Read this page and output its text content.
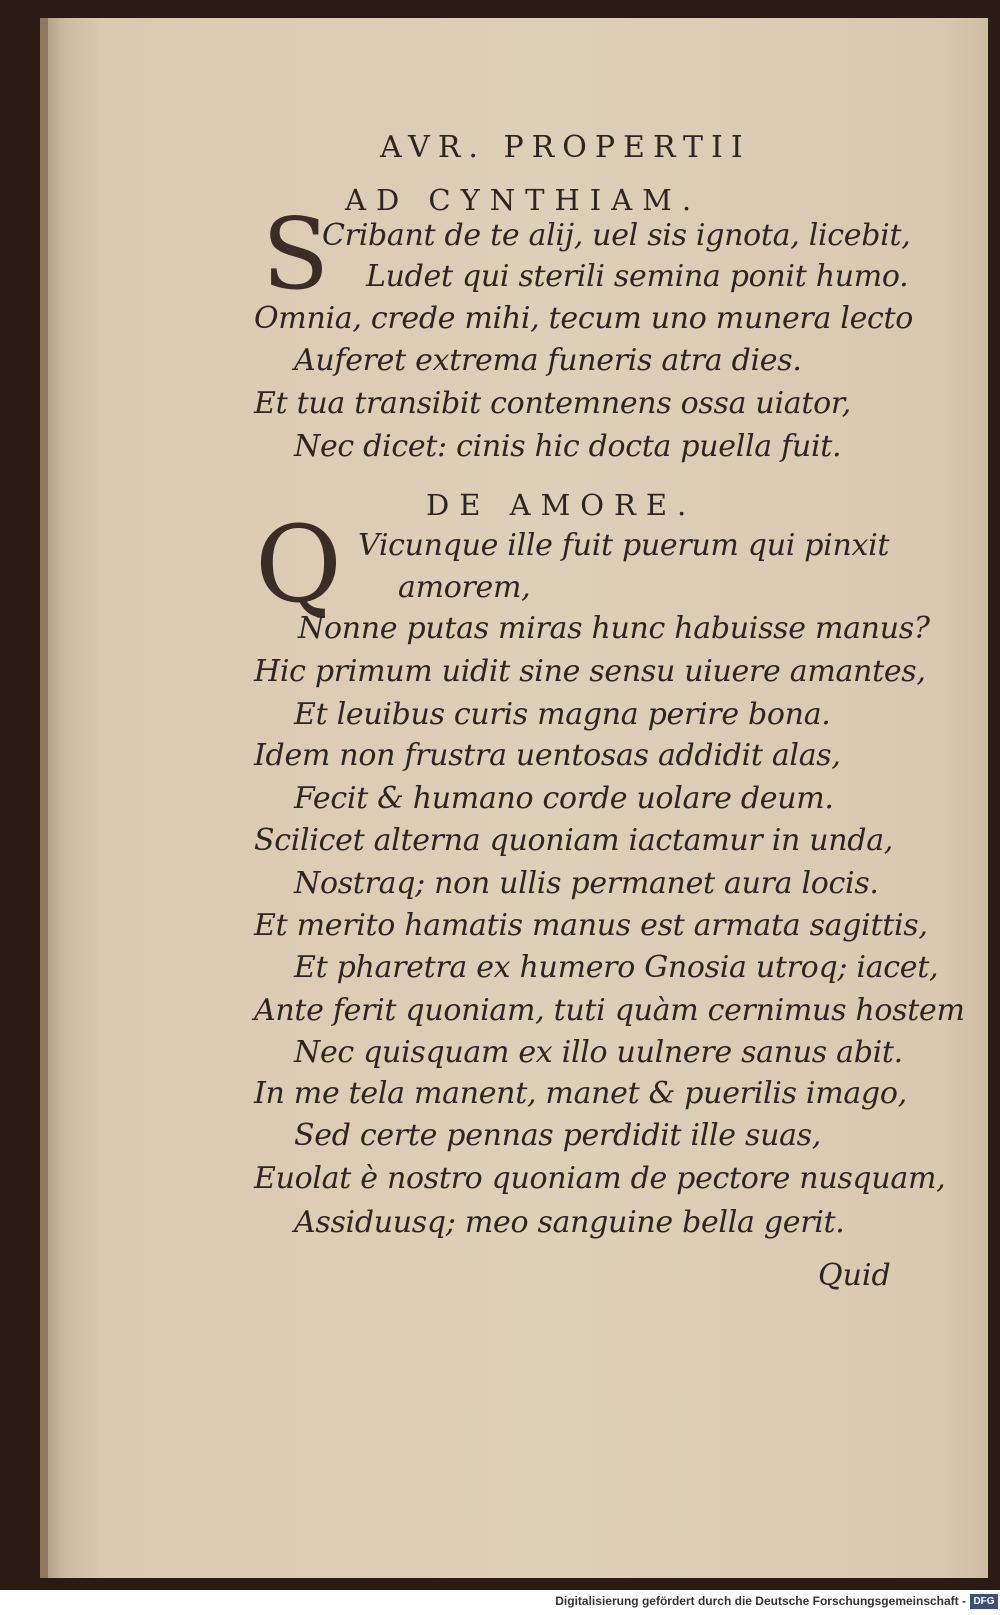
AVR. PROPERTII
AD CYNTHIAM.
S
Cribant de te alij, uel sis ignota, licebit,
Ludet qui sterili semina ponit humo.
Omnia, crede mihi, tecum uno munera lecto
Auferet extrema funeris atra dies.
Et tua transibit contemnens ossa uiator,
Nec dicet: cinis hic docta puella fuit.
DE AMORE.
Q Vicunque ille fuit puerum qui pinxit
amorem,
Nonne putas miras hunc habuisse manus?
Hic primum uidit sine sensu uiuere amantes,
Et leuibus curis magna perire bona.
Idem non frustra uentosas addidit alas,
Fecit & humano corde uolare deum.
Scilicet alterna quoniam iactamur in unda,
Nostraq; non ullis permanet aura locis.
Et merito hamatis manus est armata sagittis,
Et pharetra ex humero Gnosia utroq; iacet,
Ante ferit quoniam, tuti quàm cernimus hostem
Nec quisquam ex illo uulnere sanus abit.
In me tela manent, manet & puerilis imago,
Sed certe pennas perdidit ille suas,
Euolat è nostro quoniam de pectore nusquam,
Assiduusq; meo sanguine bella gerit.
Quid
Digitalisierung gefördert durch die Deutsche Forschungsgemeinschaft - DFG
